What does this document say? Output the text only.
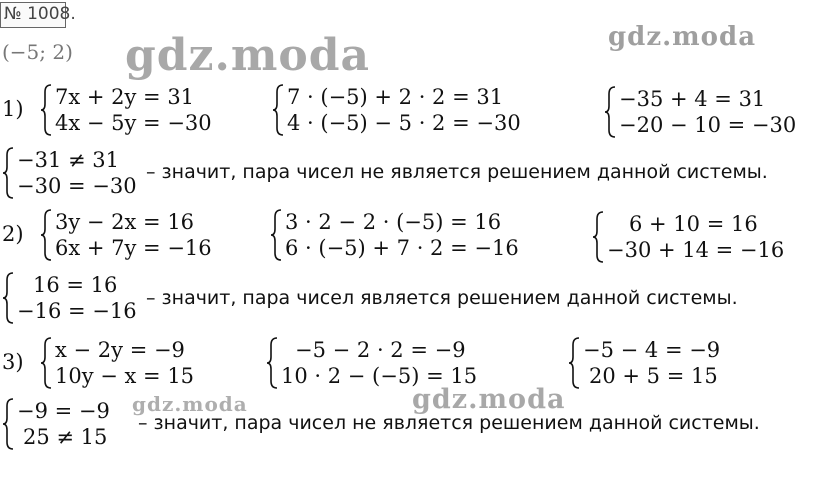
№ 1008.
(−5; 2) gdz.moda	gdz.moda
gdz.moda	gdz.moda
1) 7x + 2y = 31
4x − 5y = −30
7 · (−5) + 2 · 2 = 31
4 · (−5) − 5 · 2 = −30
−35 + 4 = 31
−20 − 10 = −30
−31 ≠ 31
−30 = −30
– значит, пара чисел не является решением данной системы.
2) 3y − 2x = 16
6x + 7y = −16
3 · 2 − 2 · (−5) = 16
6 · (−5) + 7 · 2 = −16
6 + 10 = 16
−30 + 14 = −16
16 = 16
−16 = −16
– значит, пара чисел является решением данной системы.
3) x − 2y = −9
10y − x = 15
−5 − 2 · 2 = −9
10 · 2 − (−5) = 15
−5 − 4 = −9
20 + 5 = 15
−9 = −9
25 ≠ 15
– значит, пара чисел не является решением данной системы.
